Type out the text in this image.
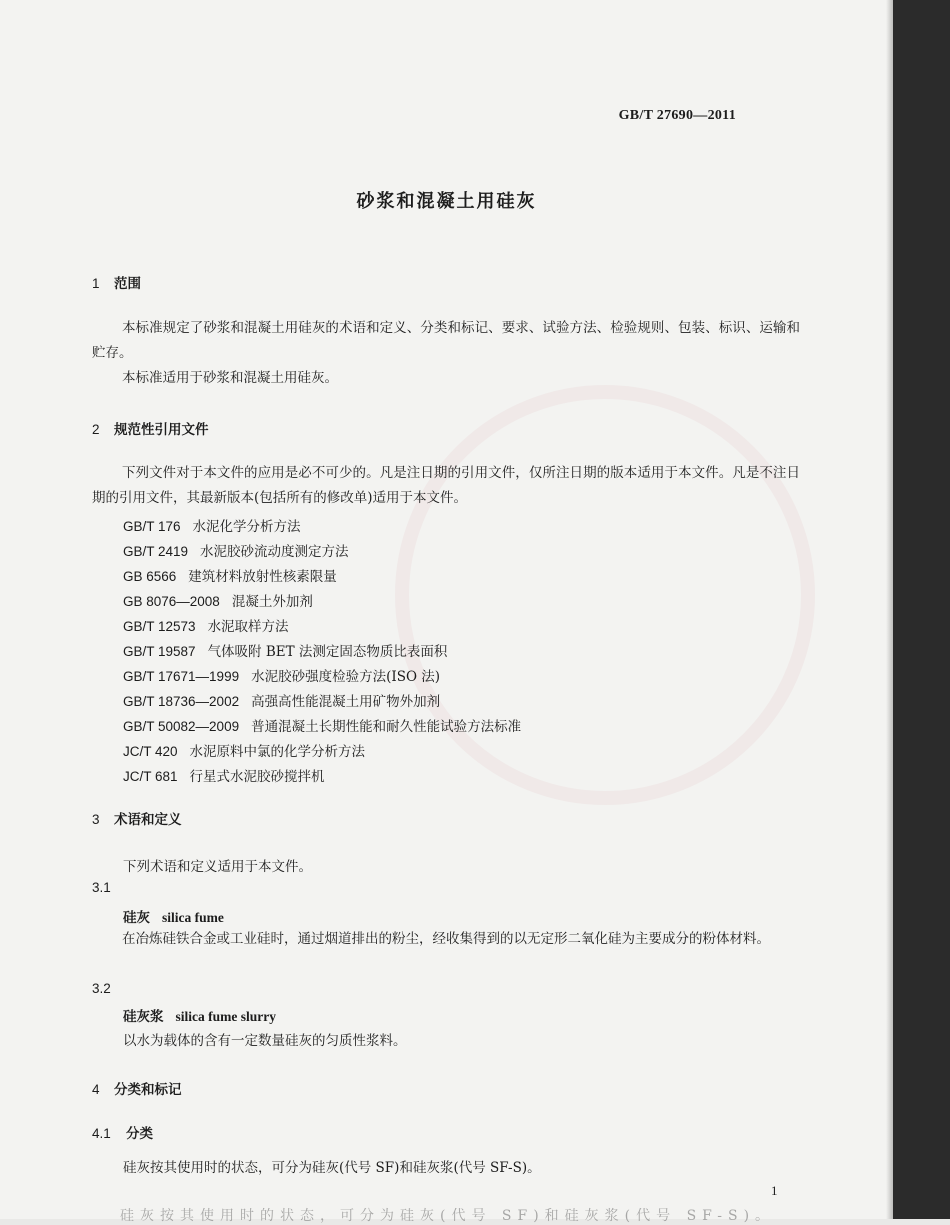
GB/T 27690—2011
砂浆和混凝土用硅灰
1 范围
本标准规定了砂浆和混凝土用硅灰的术语和定义、分类和标记、要求、试验方法、检验规则、包装、标识、运输和贮存。
本标准适用于砂浆和混凝土用硅灰。
2 规范性引用文件
下列文件对于本文件的应用是必不可少的。凡是注日期的引用文件，仅所注日期的版本适用于本文件。凡是不注日期的引用文件，其最新版本(包括所有的修改单)适用于本文件。
GB/T 176 水泥化学分析方法
GB/T 2419 水泥胶砂流动度测定方法
GB 6566 建筑材料放射性核素限量
GB 8076—2008 混凝土外加剂
GB/T 12573 水泥取样方法
GB/T 19587 气体吸附 BET 法测定固态物质比表面积
GB/T 17671—1999 水泥胶砂强度检验方法(ISO 法)
GB/T 18736—2002 高强高性能混凝土用矿物外加剂
GB/T 50082—2009 普通混凝土长期性能和耐久性能试验方法标准
JC/T 420 水泥原料中氯的化学分析方法
JC/T 681 行星式水泥胶砂搅拌机
3 术语和定义
下列术语和定义适用于本文件。
3.1
硅灰 silica fume
在冶炼硅铁合金或工业硅时，通过烟道排出的粉尘，经收集得到的以无定形二氧化硅为主要成分的粉体材料。
3.2
硅灰浆 silica fume slurry
以水为载体的含有一定数量硅灰的匀质性浆料。
4 分类和标记
4.1 分类
硅灰按其使用时的状态，可分为硅灰(代号 SF)和硅灰浆(代号 SF-S)。
1
硅灰按其使用时的状态，可分为硅灰(代号 SF)和硅灰浆(代号 SF-S)。
